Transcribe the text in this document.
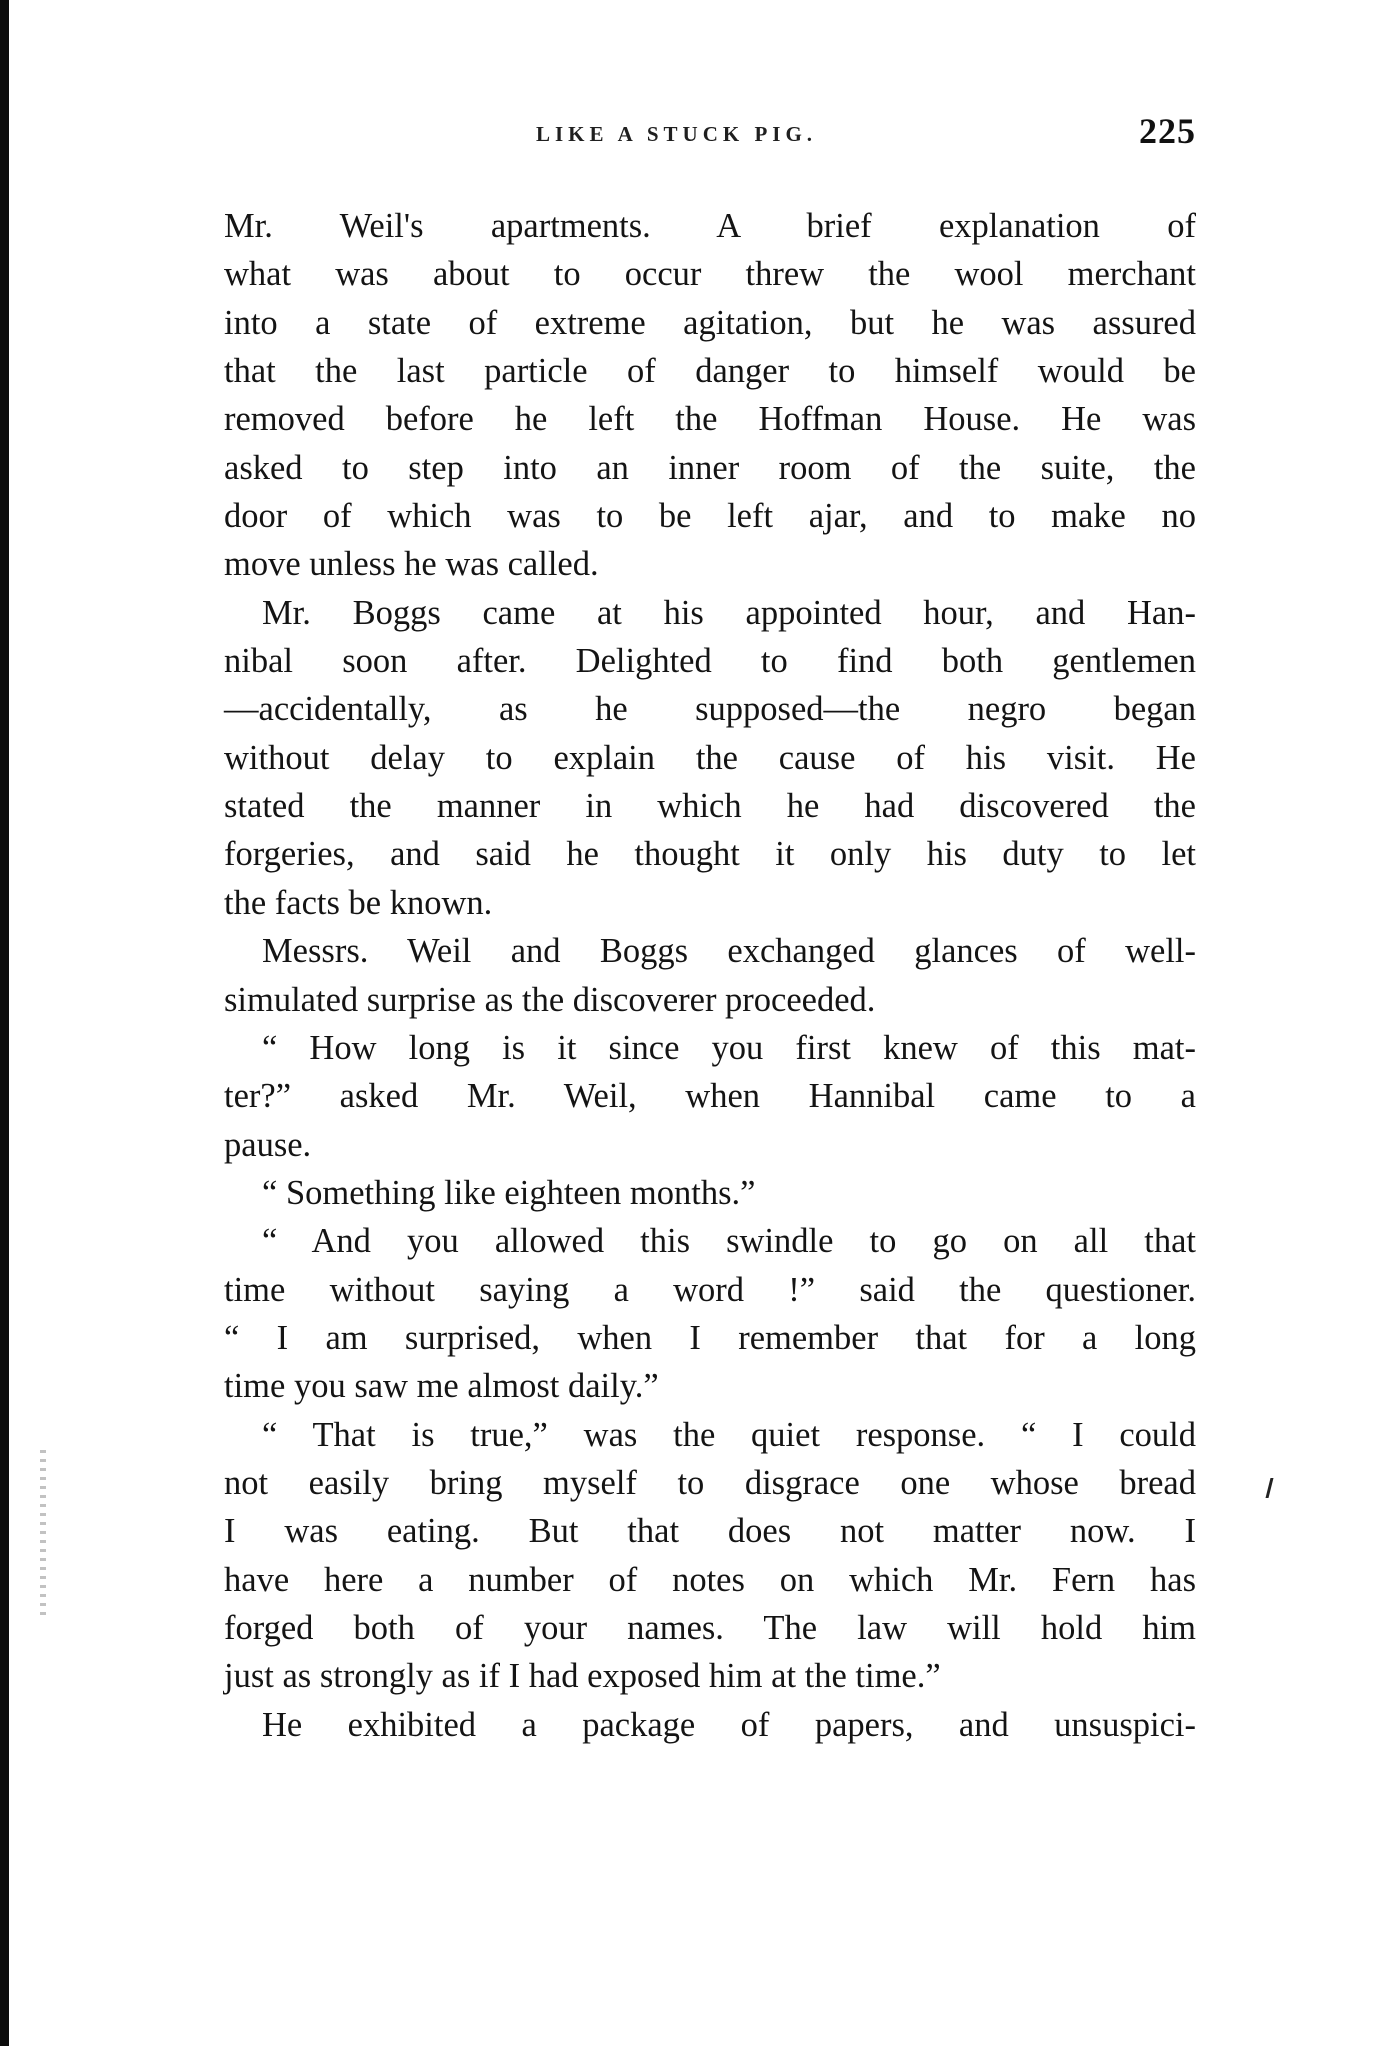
LIKE A STUCK PIG.	225
Mr. Weil's apartments. A brief explanation of
what was about to occur threw the wool merchant
into a state of extreme agitation, but he was assured
that the last particle of danger to himself would be
removed before he left the Hoffman House. He was
asked to step into an inner room of the suite, the
door of which was to be left ajar, and to make no
move unless he was called.
Mr. Boggs came at his appointed hour, and Han-
nibal soon after. Delighted to find both gentlemen
—accidentally, as he supposed—the negro began
without delay to explain the cause of his visit. He
stated the manner in which he had discovered the
forgeries, and said he thought it only his duty to let
the facts be known.
Messrs. Weil and Boggs exchanged glances of well-
simulated surprise as the discoverer proceeded.
“ How long is it since you first knew of this mat-
ter?” asked Mr. Weil, when Hannibal came to a
pause.
“ Something like eighteen months.”
“ And you allowed this swindle to go on all that
time without saying a word !” said the questioner.
“ I am surprised, when I remember that for a long
time you saw me almost daily.”
“ That is true,” was the quiet response. “ I could
not easily bring myself to disgrace one whose bread
I was eating. But that does not matter now. I
have here a number of notes on which Mr. Fern has
forged both of your names. The law will hold him
just as strongly as if I had exposed him at the time.”
He exhibited a package of papers, and unsuspici-
